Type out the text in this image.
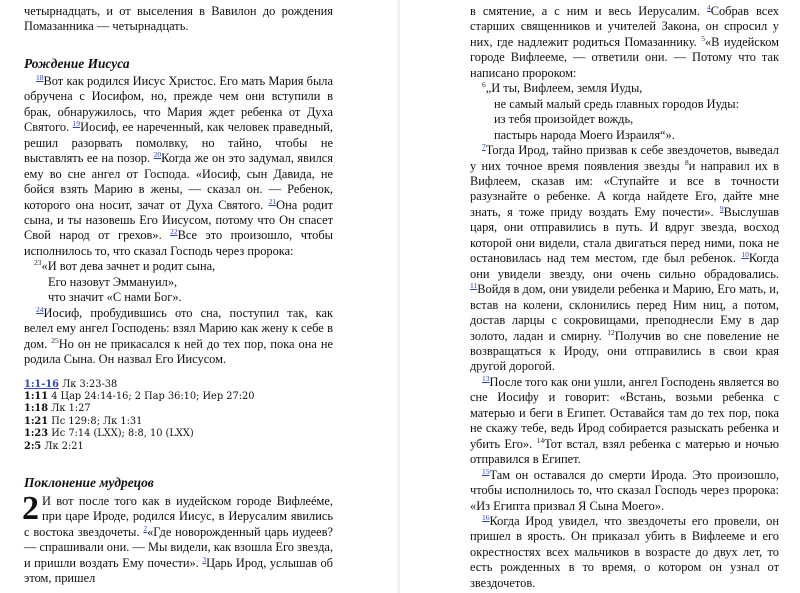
четырнадцать, и от выселения в Вавилон до рождения Помазанника — четырнадцать.

Рождение Иисуса

$^{18}$Вот как родился Иисус Христос. Его мать Мария была обручена с Иосифом, но, прежде чем они вступили в брак, обнаружилось, что Мария ждет ребенка от Духа Святого. $^{19}$Иосиф, ее нареченный, как человек праведный, решил разорвать помолвку, но тайно, чтобы не выставлять ее на позор. $^{20}$Когда же он это задумал, явился ему во сне ангел от Господа. «Иосиф, сын Давида, не бойся взять Марию в жены, — сказал он. — Ребенок, которого она носит, зачат от Духа Святого. $^{21}$Она родит сына, и ты назовешь Его Иисусом, потому что Он спасет Свой народ от грехов». $^{22}$Все это произошло, чтобы исполнилось то, что сказал Господь через пророка:

$^{23}$«И вот дева зачнет и родит сына,
Его назовут Эммануил»,
что значит «С нами Бог».

$^{24}$Иосиф, пробудившись ото сна, поступил так, как велел ему ангел Господень: взял Марию как жену к себе в дом. $^{25}$Но он не прикасался к ней до тех пор, пока она не родила Сына. Он назвал Его Иисусом.

1:1-16 Лк 3:23-38
1:11 4 Цар 24:14-16; 2 Пар 36:10; Иер 27:20
1:18 Лк 1:27
1:21 Пс 129:8; Лк 1:31
1:23 Ис 7:14 (LXX); 8:8, 10 (LXX)
2:5 Лк 2:21
Поклонение мудрецов

2 И вот после того как в иудейском городе Вифлеéме, при царе Ироде, родился Иисус, в Иерусалим явились с востока звездочеты. $^2$«Где новорожденный царь иудеев? — спрашивали они. — Мы видели, как взошла Его звезда, и пришли воздать Ему почести». $^3$Царь Ирод, услышав об этом, пришел

в смятение, а с ним и весь Иерусалим. $^4$Собрав всех старших священников и учителей Закона, он спросил у них, где надлежит родиться Помазаннику. $^5$«В иудейском городе Вифлееме, — ответили они. — Потому что так написано пророком:

$^6$„И ты, Вифлеем, земля Иуды,
не самый малый средь главных городов Иуды:
из тебя произойдет вождь,
пастырь народа Моего Израиля“».

$^7$Тогда Ирод, тайно призвав к себе звездочетов, выведал у них точное время появления звезды $^8$и направил их в Вифлеем, сказав им: «Ступайте и все в точности разузнайте о ребенке. А когда найдете Его, дайте мне знать, я тоже приду воздать Ему почести». $^9$Выслушав царя, они отправились в путь. И вдруг звезда, восход которой они видели, стала двигаться перед ними, пока не остановилась над тем местом, где был ребенок. $^{10}$Когда они увидели звезду, они очень сильно обрадовались. $^{11}$Войдя в дом, они увидели ребенка и Марию, Его мать, и, встав на колени, склонились перед Ним ниц, а потом, достав ларцы с сокровищами, преподнесли Ему в дар золото, ладан и смирну. $^{12}$Получив во сне повеление не возвращаться к Ироду, они отправились в свои края другой дорогой.

$^{13}$После того как они ушли, ангел Господень является во сне Иосифу и говорит: «Встань, возьми ребенка с матерью и беги в Египет. Оставайся там до тех пор, пока не скажу тебе, ведь Ирод собирается разыскать ребенка и убить Его». $^{14}$Тот встал, взял ребенка с матерью и ночью отправился в Египет.

$^{15}$Там он оставался до смерти Ирода. Это произошло, чтобы исполнилось то, что сказал Господь через пророка: «Из Египта призвал Я Сына Моего».

$^{16}$Когда Ирод увидел, что звездочеты его провели, он пришел в ярость. Он приказал убить в Вифлееме и его окрестностях всех мальчиков в возрасте до двух лет, то есть рожденных в то время, о котором он узнал от звездочетов.
